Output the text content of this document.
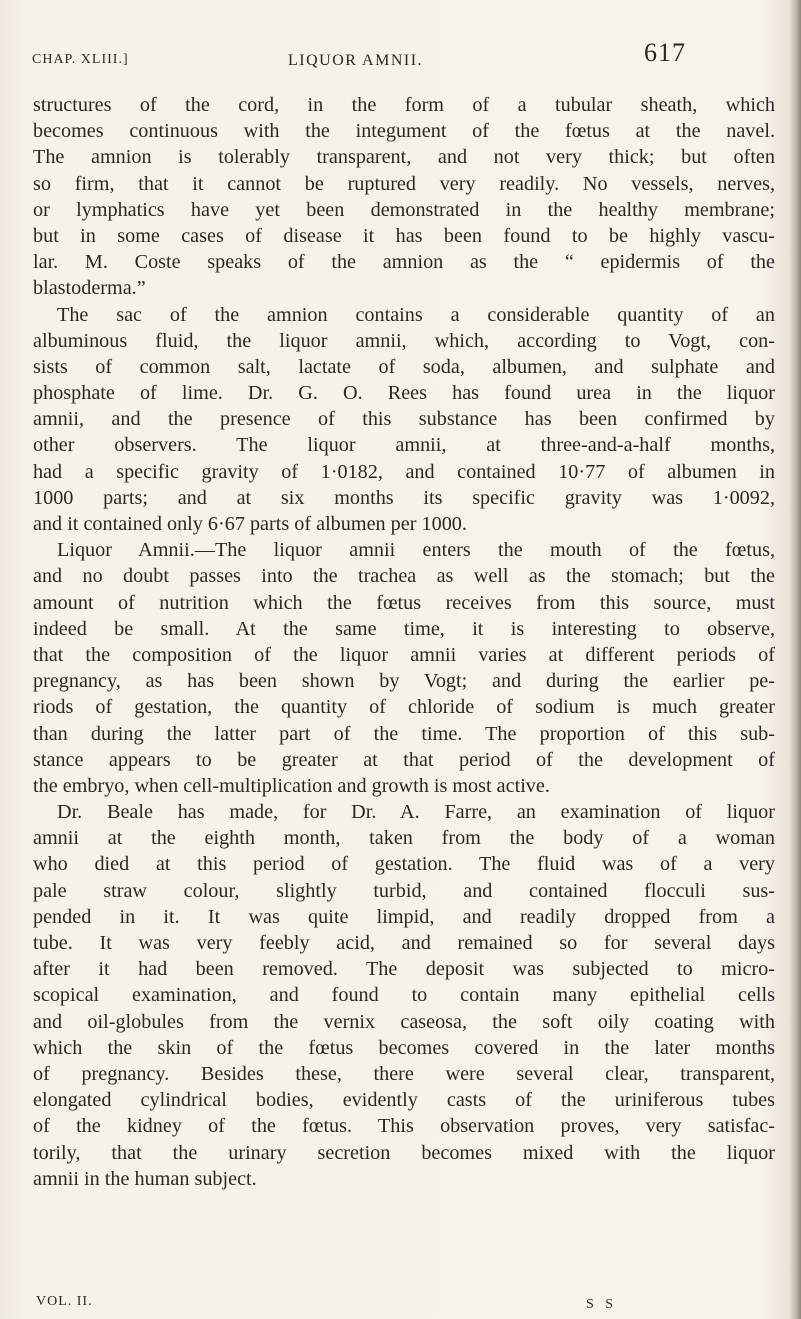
CHAP. XLIII.]	LIQUOR AMNII.	617
structures of the cord, in the form of a tubular sheath, which
becomes continuous with the integument of the fœtus at the navel.
The amnion is tolerably transparent, and not very thick; but often
so firm, that it cannot be ruptured very readily. No vessels, nerves,
or lymphatics have yet been demonstrated in the healthy membrane;
but in some cases of disease it has been found to be highly vascu-
lar. M. Coste speaks of the amnion as the “ epidermis of the
blastoderma.”
The sac of the amnion contains a considerable quantity of an
albuminous fluid, the liquor amnii, which, according to Vogt, con-
sists of common salt, lactate of soda, albumen, and sulphate and
phosphate of lime. Dr. G. O. Rees has found urea in the liquor
amnii, and the presence of this substance has been confirmed by
other observers. The liquor amnii, at three-and-a-half months,
had a specific gravity of 1·0182, and contained 10·77 of albumen in
1000 parts; and at six months its specific gravity was 1·0092,
and it contained only 6·67 parts of albumen per 1000.
Liquor Amnii.—The liquor amnii enters the mouth of the fœtus,
and no doubt passes into the trachea as well as the stomach; but the
amount of nutrition which the fœtus receives from this source, must
indeed be small. At the same time, it is interesting to observe,
that the composition of the liquor amnii varies at different periods of
pregnancy, as has been shown by Vogt; and during the earlier pe-
riods of gestation, the quantity of chloride of sodium is much greater
than during the latter part of the time. The proportion of this sub-
stance appears to be greater at that period of the development of
the embryo, when cell-multiplication and growth is most active.
Dr. Beale has made, for Dr. A. Farre, an examination of liquor
amnii at the eighth month, taken from the body of a woman
who died at this period of gestation. The fluid was of a very
pale straw colour, slightly turbid, and contained flocculi sus-
pended in it. It was quite limpid, and readily dropped from a
tube. It was very feebly acid, and remained so for several days
after it had been removed. The deposit was subjected to micro-
scopical examination, and found to contain many epithelial cells
and oil-globules from the vernix caseosa, the soft oily coating with
which the skin of the fœtus becomes covered in the later months
of pregnancy. Besides these, there were several clear, transparent,
elongated cylindrical bodies, evidently casts of the uriniferous tubes
of the kidney of the fœtus. This observation proves, very satisfac-
torily, that the urinary secretion becomes mixed with the liquor
amnii in the human subject.
VOL. II.	S S
